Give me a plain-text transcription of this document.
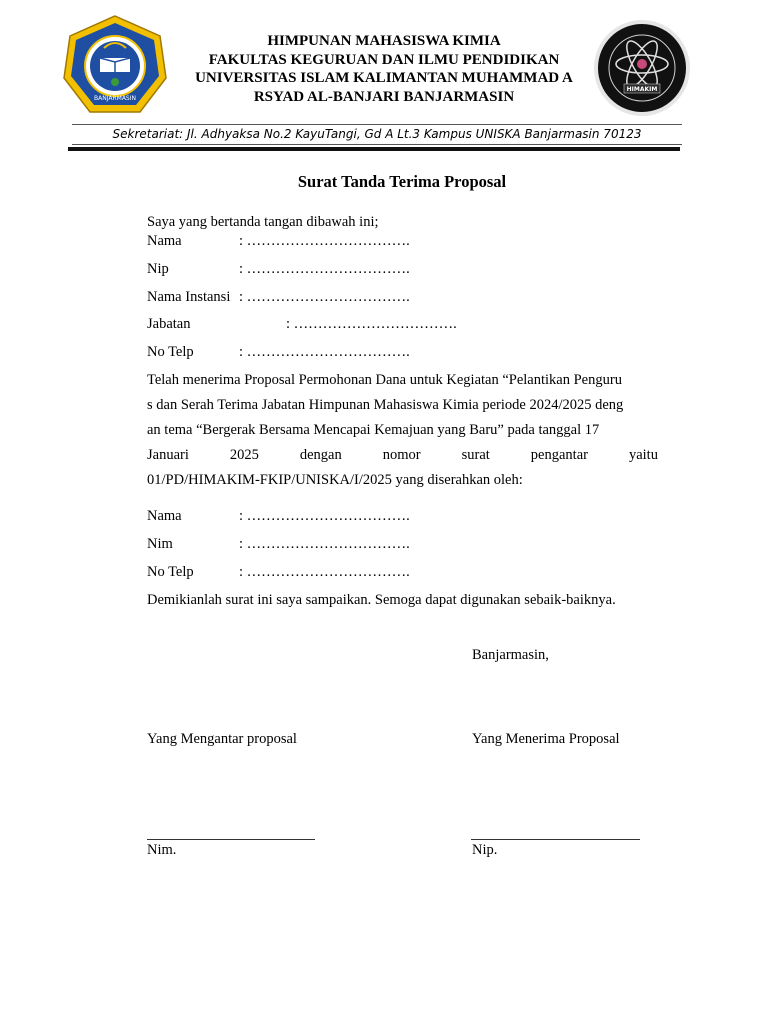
BANJARMASIN
HIMAKIM
HIMPUNAN MAHASISWA KIMIA
FAKULTAS KEGURUAN DAN ILMU PENDIDIKAN
UNIVERSITAS ISLAM KALIMANTAN MUHAMMAD A
RSYAD AL-BANJARI BANJARMASIN
Sekretariat: Jl. Adhyaksa No.2 KayuTangi, Gd A Lt.3 Kampus UNISKA Banjarmasin 70123
Surat Tanda Terima Proposal
Saya yang bertanda tangan dibawah ini;
Nama	: …………………………….
Nip	: …………………………….
Nama Instansi : …………………………….
Jabatan	: …………………………….
No Telp	: …………………………….
Telah menerima Proposal Permohonan Dana untuk Kegiatan “Pelantikan Penguru
s dan Serah Terima Jabatan Himpunan Mahasiswa Kimia periode 2024/2025 deng
an tema “Bergerak Bersama Mencapai Kemajuan yang Baru” pada tanggal 17
Januari	2025	dengan	nomor	surat	pengantar	yaitu
01/PD/HIMAKIM-FKIP/UNISKA/I/2025 yang diserahkan oleh:
Nama	: …………………………….
Nim	: …………………………….
No Telp	: …………………………….
Demikianlah surat ini saya sampaikan. Semoga dapat digunakan sebaik-baiknya.
Banjarmasin,
Yang Mengantar proposal	Yang Menerima Proposal
Nim.	Nip.
